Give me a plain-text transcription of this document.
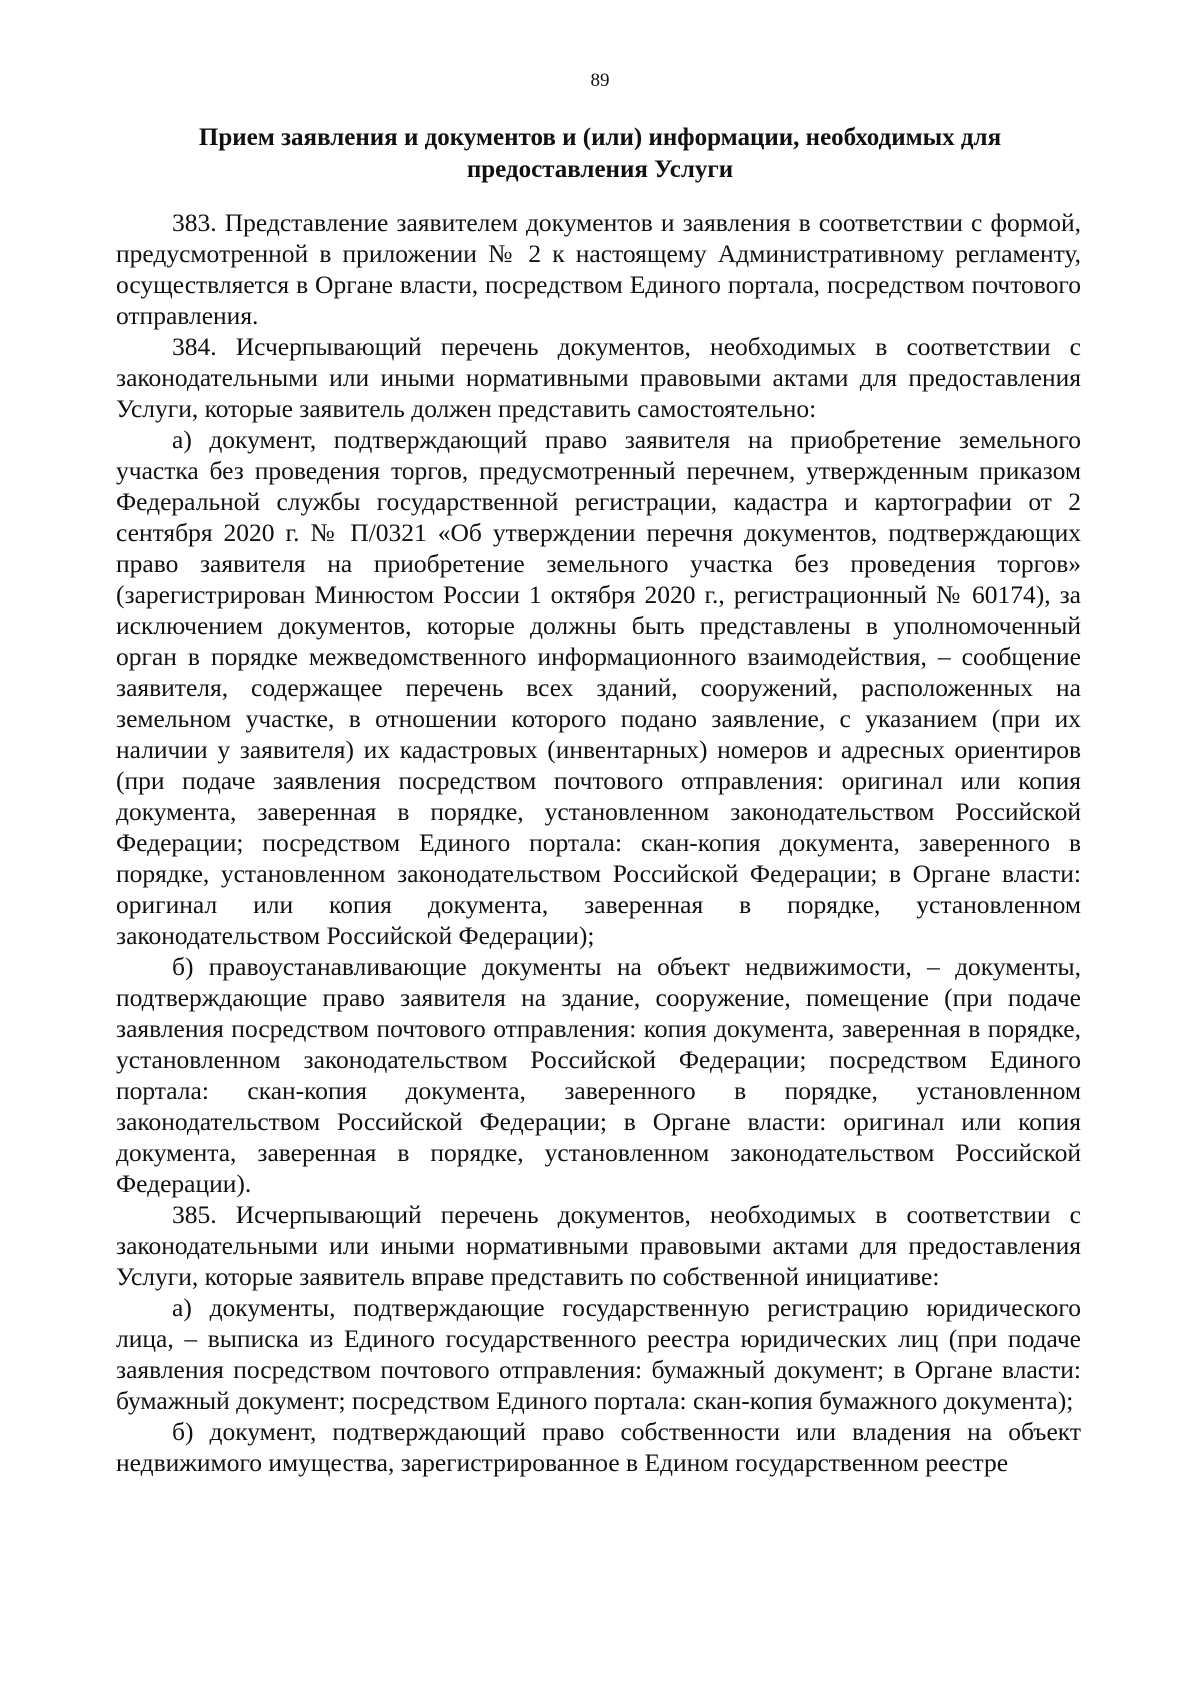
89
Прием заявления и документов и (или) информации, необходимых для
предоставления Услуги

383. Представление заявителем документов и заявления в соответствии с формой, предусмотренной в приложении № 2 к настоящему Административному регламенту, осуществляется в Органе власти, посредством Единого портала, посредством почтового отправления.

384. Исчерпывающий перечень документов, необходимых в соответствии с законодательными или иными нормативными правовыми актами для предоставления Услуги, которые заявитель должен представить самостоятельно:

а) документ, подтверждающий право заявителя на приобретение земельного участка без проведения торгов, предусмотренный перечнем, утвержденным приказом Федеральной службы государственной регистрации, кадастра и картографии от 2 сентября 2020 г. № П/0321 «Об утверждении перечня документов, подтверждающих право заявителя на приобретение земельного участка без проведения торгов» (зарегистрирован Минюстом России 1 октября 2020 г., регистрационный № 60174), за исключением документов, которые должны быть представлены в уполномоченный орган в порядке межведомственного информационного взаимодействия, – сообщение заявителя, содержащее перечень всех зданий, сооружений, расположенных на земельном участке, в отношении которого подано заявление, с указанием (при их наличии у заявителя) их кадастровых (инвентарных) номеров и адресных ориентиров (при подаче заявления посредством почтового отправления: оригинал или копия документа, заверенная в порядке, установленном законодательством Российской Федерации; посредством Единого портала: скан-копия документа, заверенного в порядке, установленном законодательством Российской Федерации; в Органе власти: оригинал или копия документа, заверенная в порядке, установленном законодательством Российской Федерации);

б) правоустанавливающие документы на объект недвижимости, – документы, подтверждающие право заявителя на здание, сооружение, помещение (при подаче заявления посредством почтового отправления: копия документа, заверенная в порядке, установленном законодательством Российской Федерации; посредством Единого портала: скан-копия документа, заверенного в порядке, установленном законодательством Российской Федерации; в Органе власти: оригинал или копия документа, заверенная в порядке, установленном законодательством Российской Федерации).

385. Исчерпывающий перечень документов, необходимых в соответствии с законодательными или иными нормативными правовыми актами для предоставления Услуги, которые заявитель вправе представить по собственной инициативе:

а) документы, подтверждающие государственную регистрацию юридического лица, – выписка из Единого государственного реестра юридических лиц (при подаче заявления посредством почтового отправления: бумажный документ; в Органе власти: бумажный документ; посредством Единого портала: скан-копия бумажного документа);

б) документ, подтверждающий право собственности или владения на объект недвижимого имущества, зарегистрированное в Едином государственном реестре
